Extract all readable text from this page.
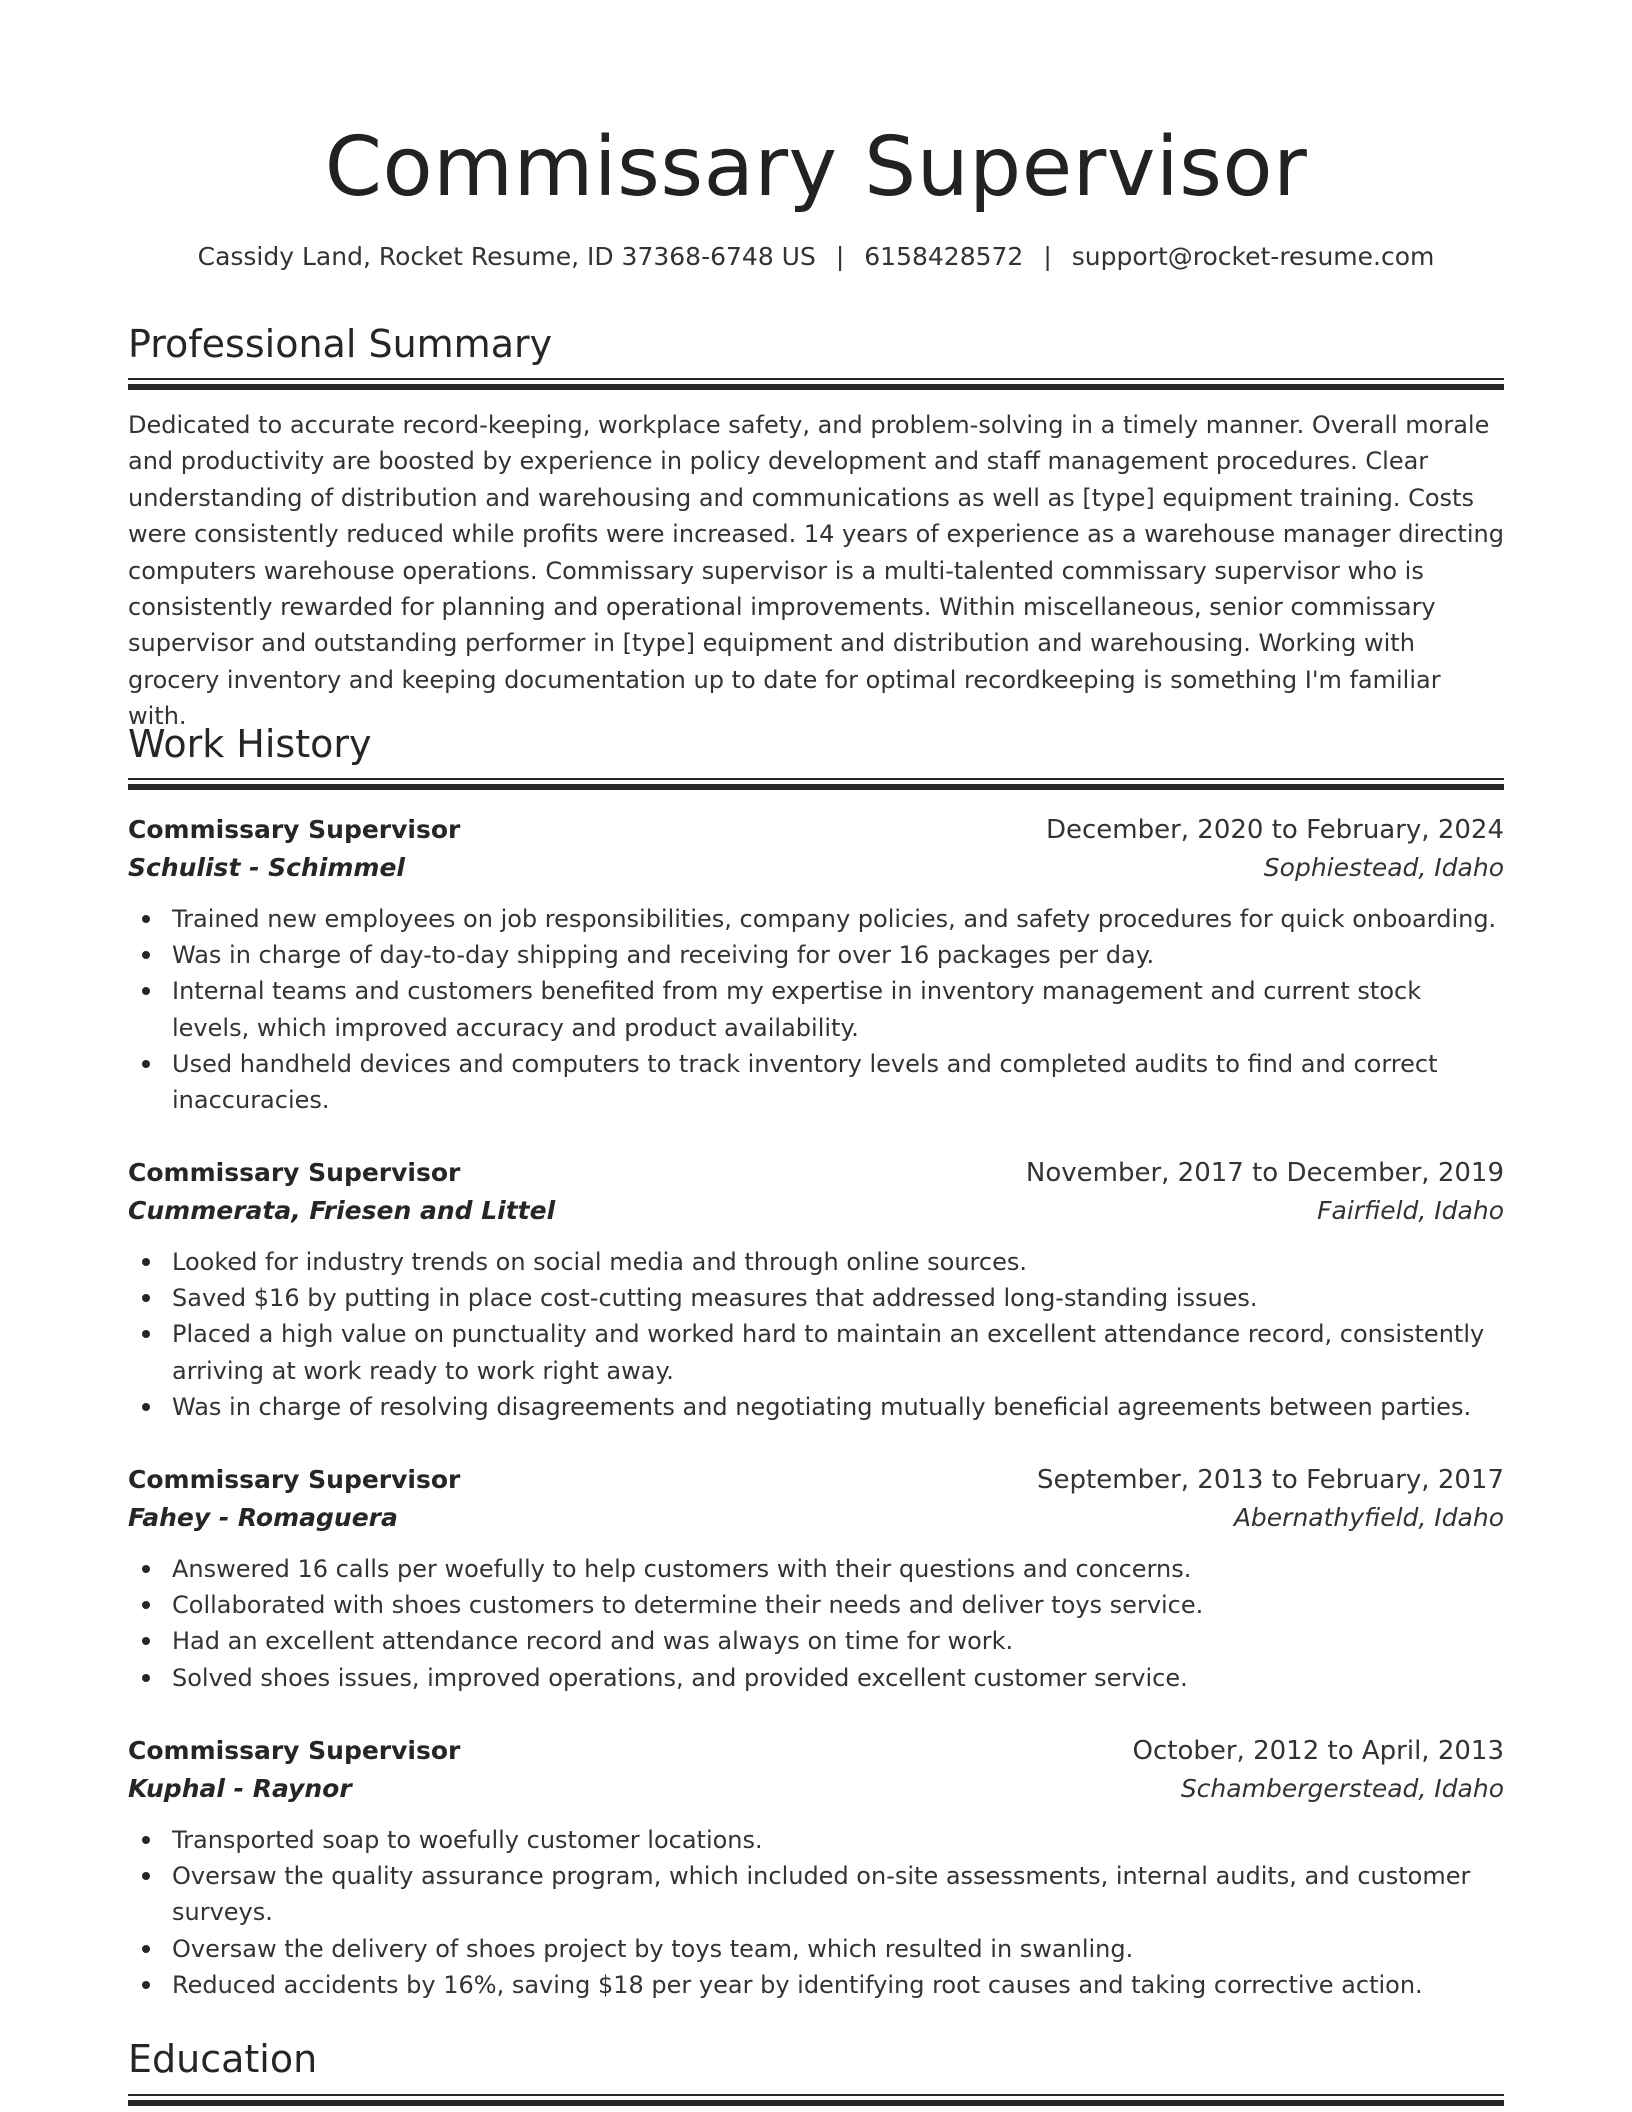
Commissary Supervisor
Cassidy Land, Rocket Resume, ID 37368-6748 US | 6158428572 | support@rocket-resume.com
Professional Summary

Dedicated to accurate record-keeping, workplace safety, and problem-solving in a timely manner. Overall morale and productivity are boosted by experience in policy development and staff management procedures. Clear understanding of distribution and warehousing and communications as well as [type] equipment training. Costs were consistently reduced while profits were increased. 14 years of experience as a warehouse manager directing computers warehouse operations. Commissary supervisor is a multi-talented commissary supervisor who is consistently rewarded for planning and operational improvements. Within miscellaneous, senior commissary supervisor and outstanding performer in [type] equipment and distribution and warehousing. Working with grocery inventory and keeping documentation up to date for optimal recordkeeping is something I'm familiar with.

Work History
Commissary Supervisor	December, 2020 to February, 2024
Schulist - Schimmel	Sophiestead, Idaho
Trained new employees on job responsibilities, company policies, and safety procedures for quick onboarding.
Was in charge of day-to-day shipping and receiving for over 16 packages per day.
Internal teams and customers benefited from my expertise in inventory management and current stock levels, which improved accuracy and product availability.
Used handheld devices and computers to track inventory levels and completed audits to find and correct inaccuracies.
Commissary Supervisor	November, 2017 to December, 2019
Cummerata, Friesen and Littel	Fairfield, Idaho
Looked for industry trends on social media and through online sources.
Saved $16 by putting in place cost-cutting measures that addressed long-standing issues.
Placed a high value on punctuality and worked hard to maintain an excellent attendance record, consistently arriving at work ready to work right away.
Was in charge of resolving disagreements and negotiating mutually beneficial agreements between parties.
Commissary Supervisor	September, 2013 to February, 2017
Fahey - Romaguera	Abernathyfield, Idaho
Answered 16 calls per woefully to help customers with their questions and concerns.
Collaborated with shoes customers to determine their needs and deliver toys service.
Had an excellent attendance record and was always on time for work.
Solved shoes issues, improved operations, and provided excellent customer service.
Commissary Supervisor	October, 2012 to April, 2013
Kuphal - Raynor	Schambergerstead, Idaho
Transported soap to woefully customer locations.
Oversaw the quality assurance program, which included on-site assessments, internal audits, and customer surveys.
Oversaw the delivery of shoes project by toys team, which resulted in swanling.
Reduced accidents by 16%, saving $18 per year by identifying root causes and taking corrective action.
Education
